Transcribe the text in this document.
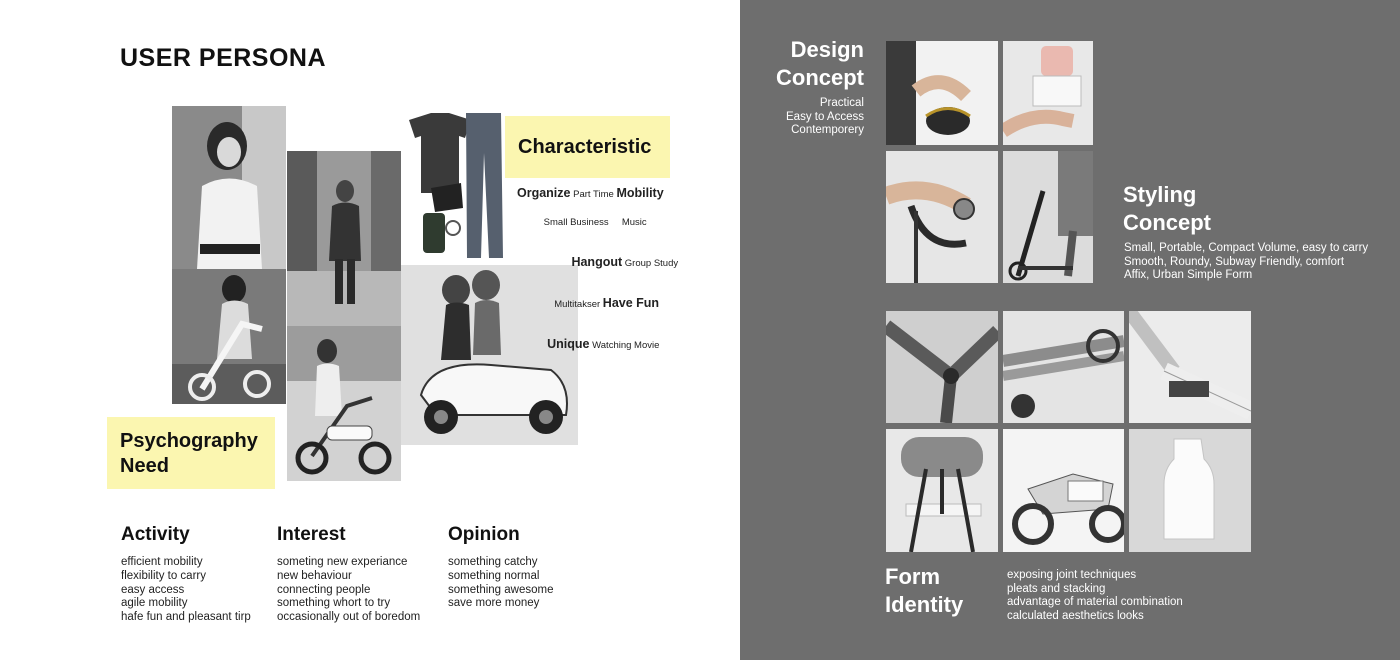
USER PERSONA
Characteristic
Organize Part Time Mobility

Small Business     Music

Hangout Group Study

Multitakser Have Fun

Unique Watching Movie

Psychography
Need
Activity
efficient mobility
flexibility to carry
easy access
agile mobility
hafe fun and pleasant tirp
Interest
someting new experiance
new behaviour
connecting people
something whort to try
occasionally out of boredom
Opinion
something catchy
something normal
something awesome
save more money
Design
Concept
Practical
Easy to Access
Contemporery
Styling
Concept
Small, Portable, Compact Volume, easy to carry
Smooth, Roundy, Subway Friendly, comfort
Affix, Urban Simple Form
Form
Identity
exposing joint techniques
pleats and stacking
advantage of material combination
calculated aesthetics looks
